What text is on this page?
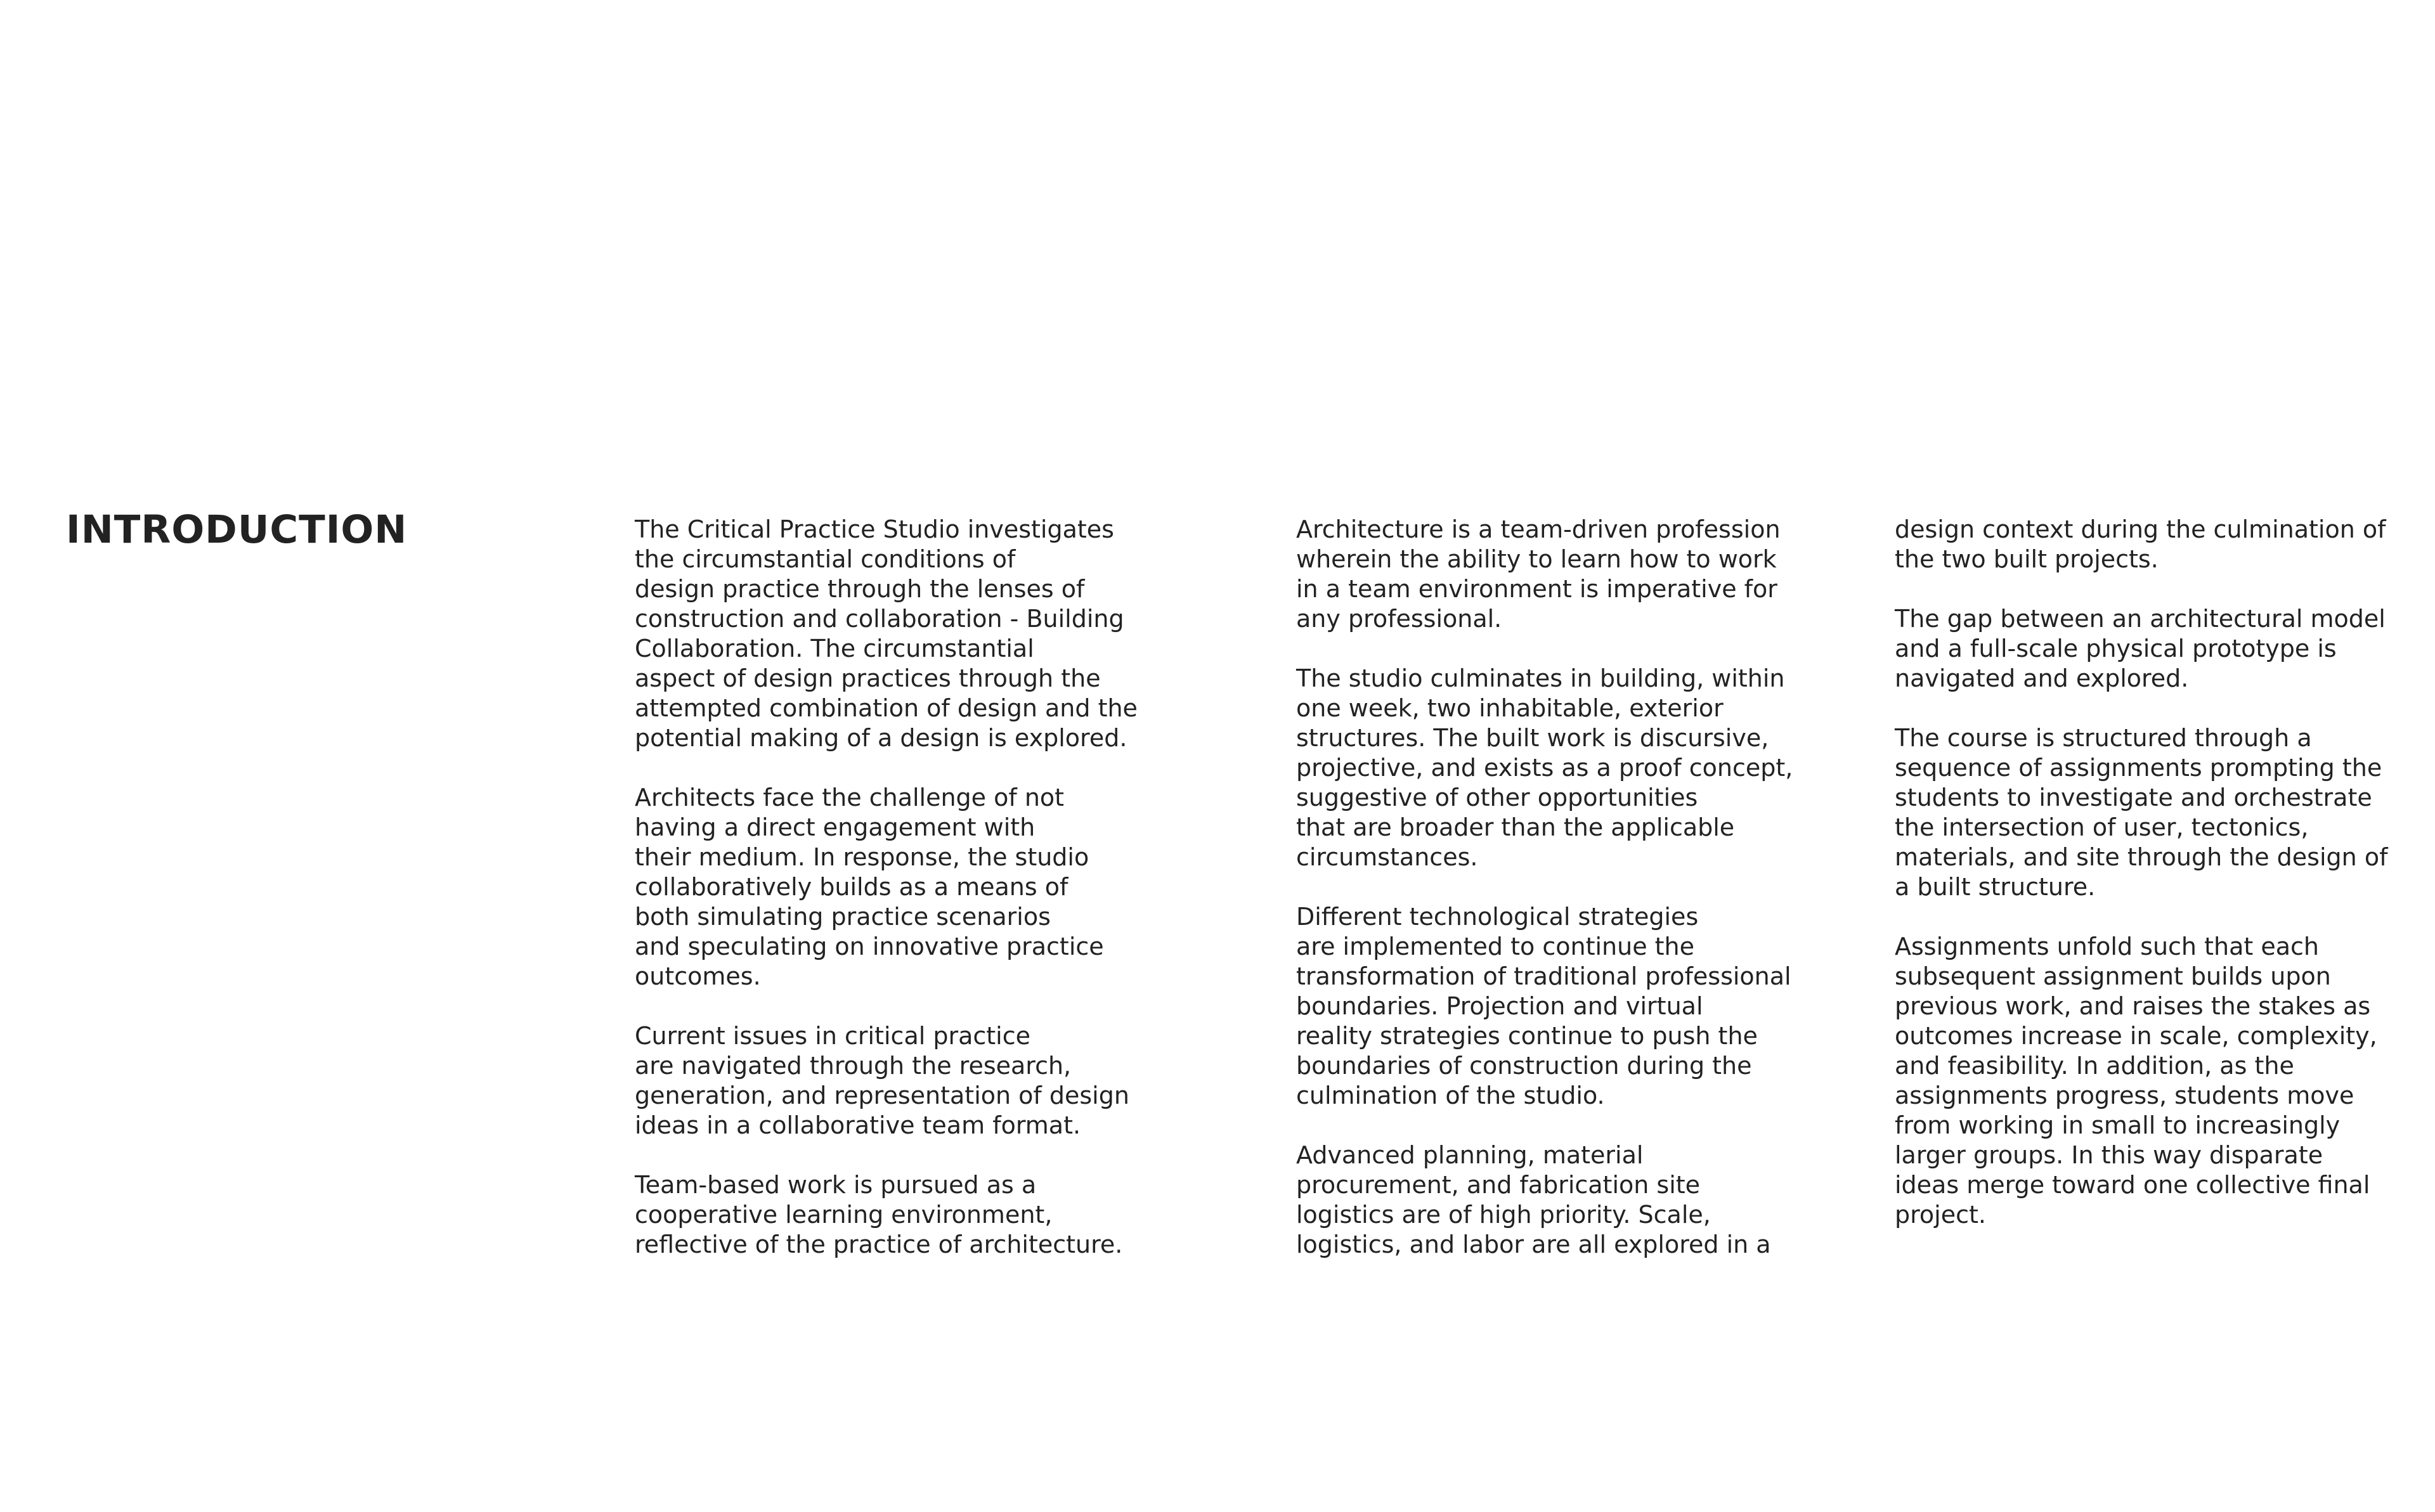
INTRODUCTION	The Critical Practice Studio investigates
the circumstantial conditions of
design practice through the lenses of
construction and collaboration - Building
Collaboration. The circumstantial
aspect of design practices through the
attempted combination of design and the
potential making of a design is explored.

Architects face the challenge of not
having a direct engagement with
their medium. In response, the studio
collaboratively builds as a means of
both simulating practice scenarios
and speculating on innovative practice
outcomes.

Current issues in critical practice
are navigated through the research,
generation, and representation of design
ideas in a collaborative team format.

Team-based work is pursued as a
cooperative learning environment,
reflective of the practice of architecture.

Architecture is a team-driven profession
wherein the ability to learn how to work
in a team environment is imperative for
any professional.

The studio culminates in building, within
one week, two inhabitable, exterior
structures. The built work is discursive,
projective, and exists as a proof concept,
suggestive of other opportunities
that are broader than the applicable
circumstances.

Different technological strategies
are implemented to continue the
transformation of traditional professional
boundaries. Projection and virtual
reality strategies continue to push the
boundaries of construction during the
culmination of the studio.

Advanced planning, material
procurement, and fabrication site
logistics are of high priority. Scale,
logistics, and labor are all explored in a

design context during the culmination of
the two built projects.

The gap between an architectural model
and a full-scale physical prototype is
navigated and explored.

The course is structured through a
sequence of assignments prompting the
students to investigate and orchestrate
the intersection of user, tectonics,
materials, and site through the design of
a built structure.

Assignments unfold such that each
subsequent assignment builds upon
previous work, and raises the stakes as
outcomes increase in scale, complexity,
and feasibility. In addition, as the
assignments progress, students move
from working in small to increasingly
larger groups. In this way disparate
ideas merge toward one collective final
project.
